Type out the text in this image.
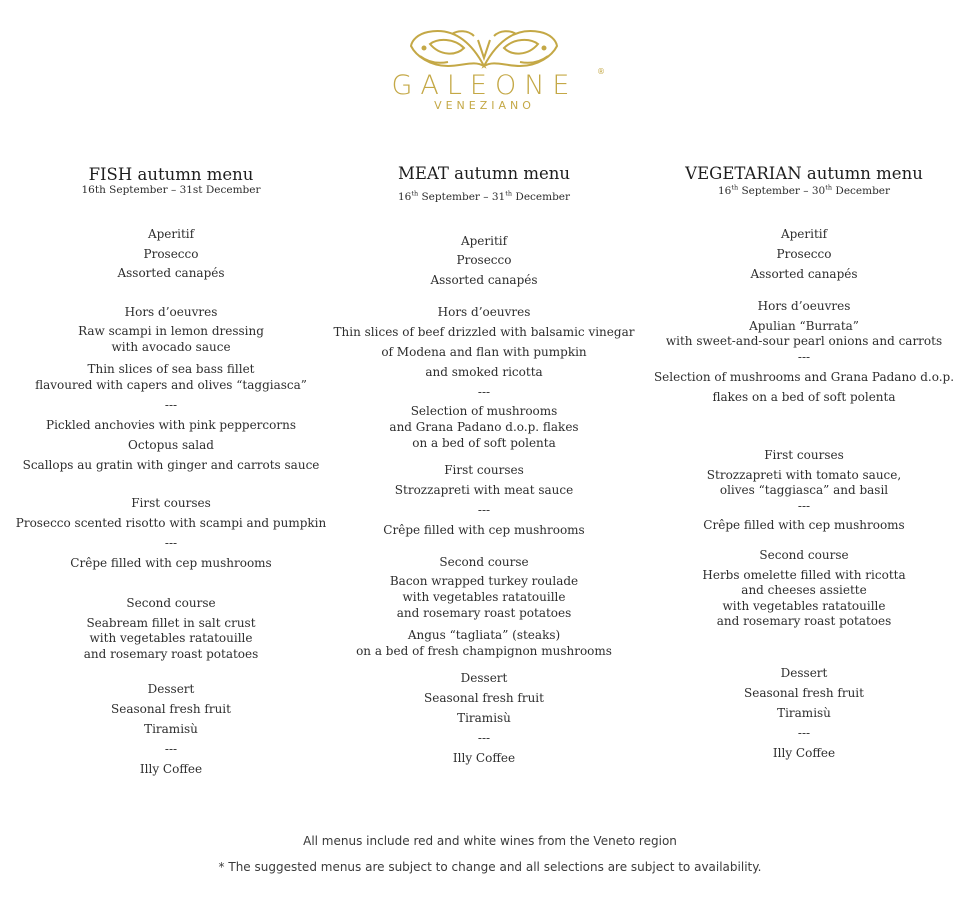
GALEONE	®
VENEZIANO
FISH autumn menu
16th September – 31st December
Aperitif
Prosecco
Assorted canapés
Hors d’oeuvres
Raw scampi in lemon dressing
with avocado sauce
Thin slices of sea bass fillet
flavoured with capers and olives “taggiasca”
---
Pickled anchovies with pink peppercorns
Octopus salad
Scallops au gratin with ginger and carrots sauce
First courses
Prosecco scented risotto with scampi and pumpkin
---
Crêpe filled with cep mushrooms
Second course
Seabream fillet in salt crust
with vegetables ratatouille
and rosemary roast potatoes
Dessert
Seasonal fresh fruit
Tiramisù
---
Illy Coffee
MEAT autumn menu
16th September – 31th December
Aperitif
Prosecco
Assorted canapés
Hors d’oeuvres
Thin slices of beef drizzled with balsamic vinegar
of Modena and flan with pumpkin
and smoked ricotta
---
Selection of mushrooms
and Grana Padano d.o.p. flakes
on a bed of soft polenta
First courses
Strozzapreti with meat sauce
---
Crêpe filled with cep mushrooms
Second course
Bacon wrapped turkey roulade
with vegetables ratatouille
and rosemary roast potatoes
Angus “tagliata” (steaks)
on a bed of fresh champignon mushrooms
Dessert
Seasonal fresh fruit
Tiramisù
---
Illy Coffee
VEGETARIAN autumn menu
16th September – 30th December
Aperitif
Prosecco
Assorted canapés
Hors d’oeuvres
Apulian “Burrata”
with sweet-and-sour pearl onions and carrots
---
Selection of mushrooms and Grana Padano d.o.p.
flakes on a bed of soft polenta
First courses
Strozzapreti with tomato sauce,
olives “taggiasca” and basil
---
Crêpe filled with cep mushrooms
Second course
Herbs omelette filled with ricotta
and cheeses assiette
with vegetables ratatouille
and rosemary roast potatoes
Dessert
Seasonal fresh fruit
Tiramisù
---
Illy Coffee
All menus include red and white wines from the Veneto region
* The suggested menus are subject to change and all selections are subject to availability.
